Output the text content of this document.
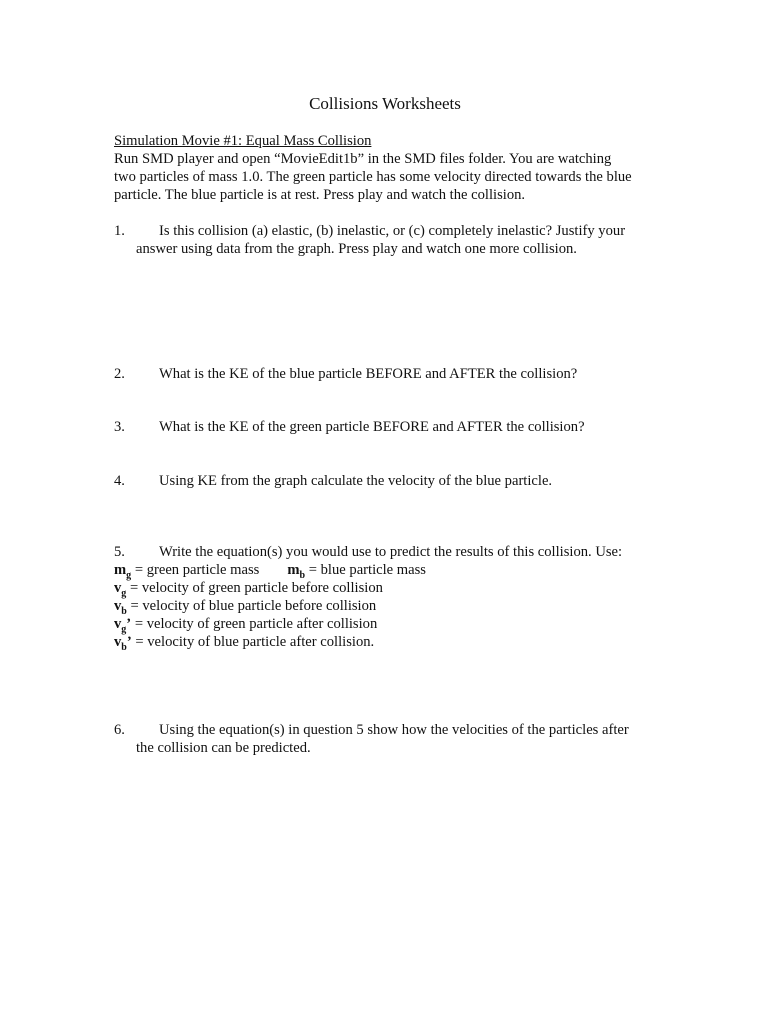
Collisions Worksheets
Simulation Movie #1: Equal Mass Collision
Run SMD player and open “MovieEdit1b” in the SMD files folder. You are watching
two particles of mass 1.0. The green particle has some velocity directed towards the blue
particle. The blue particle is at rest. Press play and watch the collision.
1. Is this collision (a) elastic, (b) inelastic, or (c) completely inelastic? Justify your
answer using data from the graph. Press play and watch one more collision.
2. What is the KE of the blue particle BEFORE and AFTER the collision?
3. What is the KE of the green particle BEFORE and AFTER the collision?
4. Using KE from the graph calculate the velocity of the blue particle.
5. Write the equation(s) you would use to predict the results of this collision. Use:
$m_g$ = green particle mass $m_b$ = blue particle mass
$v_g$ = velocity of green particle before collision
$v_b$ = velocity of blue particle before collision
$v_g$’ = velocity of green particle after collision
$v_b$’ = velocity of blue particle after collision.
6. Using the equation(s) in question 5 show how the velocities of the particles after
the collision can be predicted.
